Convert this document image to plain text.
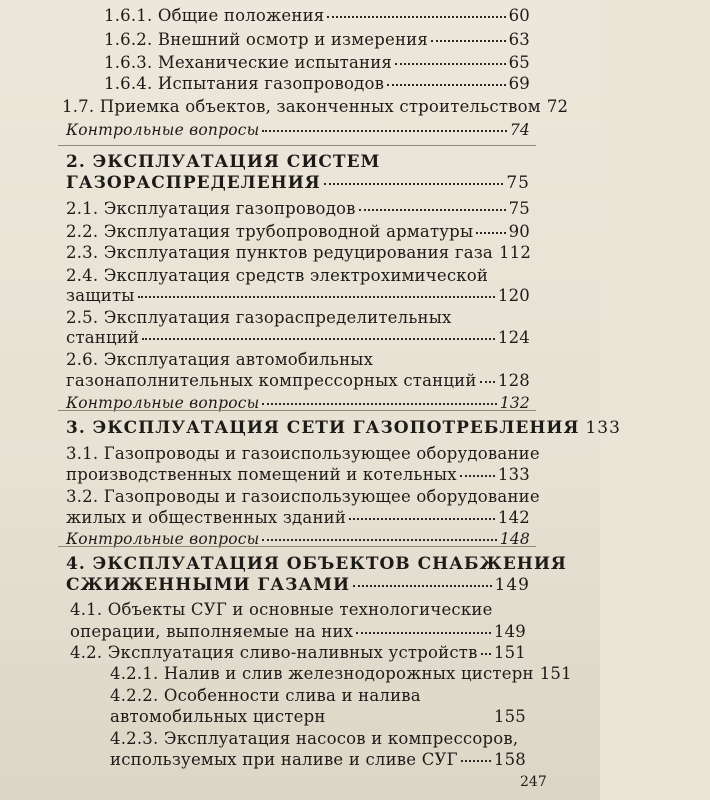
1.6.1. Общие положения	60
1.6.2. Внешний осмотр и измерения	63
1.6.3. Механические испытания	65
1.6.4. Испытания газопроводов	69
1.7. Приемка объектов, законченных строительством 72
Контрольные вопросы	74
2. ЭКСПЛУАТАЦИЯ СИСТЕМ
ГАЗОРАСПРЕДЕЛЕНИЯ	75
2.1. Эксплуатация газопроводов	75
2.2. Эксплуатация трубопроводной арматуры 90
2.3. Эксплуатация пунктов редуцирования газа 112
2.4. Эксплуатация средств электрохимической
защиты	120
2.5. Эксплуатация газораспределительных
станций	124
2.6. Эксплуатация автомобильных
газонаполнительных компрессорных станций 128
Контрольные вопросы	132
3. ЭКСПЛУАТАЦИЯ СЕТИ ГАЗОПОТРЕБЛЕНИЯ 133
3.1. Газопроводы и газоиспользующее оборудование
производственных помещений и котельных 133
3.2. Газопроводы и газоиспользующее оборудование
жилых и общественных зданий	142
Контрольные вопросы	148
4. ЭКСПЛУАТАЦИЯ ОБЪЕКТОВ СНАБЖЕНИЯ
СЖИЖЕННЫМИ ГАЗАМИ	149
4.1. Объекты СУГ и основные технологические
операции, выполняемые на них	149
4.2. Эксплуатация сливо-наливных устройств 151
4.2.1. Налив и слив железнодорожных цистерн 151
4.2.2. Особенности слива и налива
автомобильных цистерн	155
4.2.3. Эксплуатация насосов и компрессоров,
используемых при наливе и сливе СУГ 158
247
